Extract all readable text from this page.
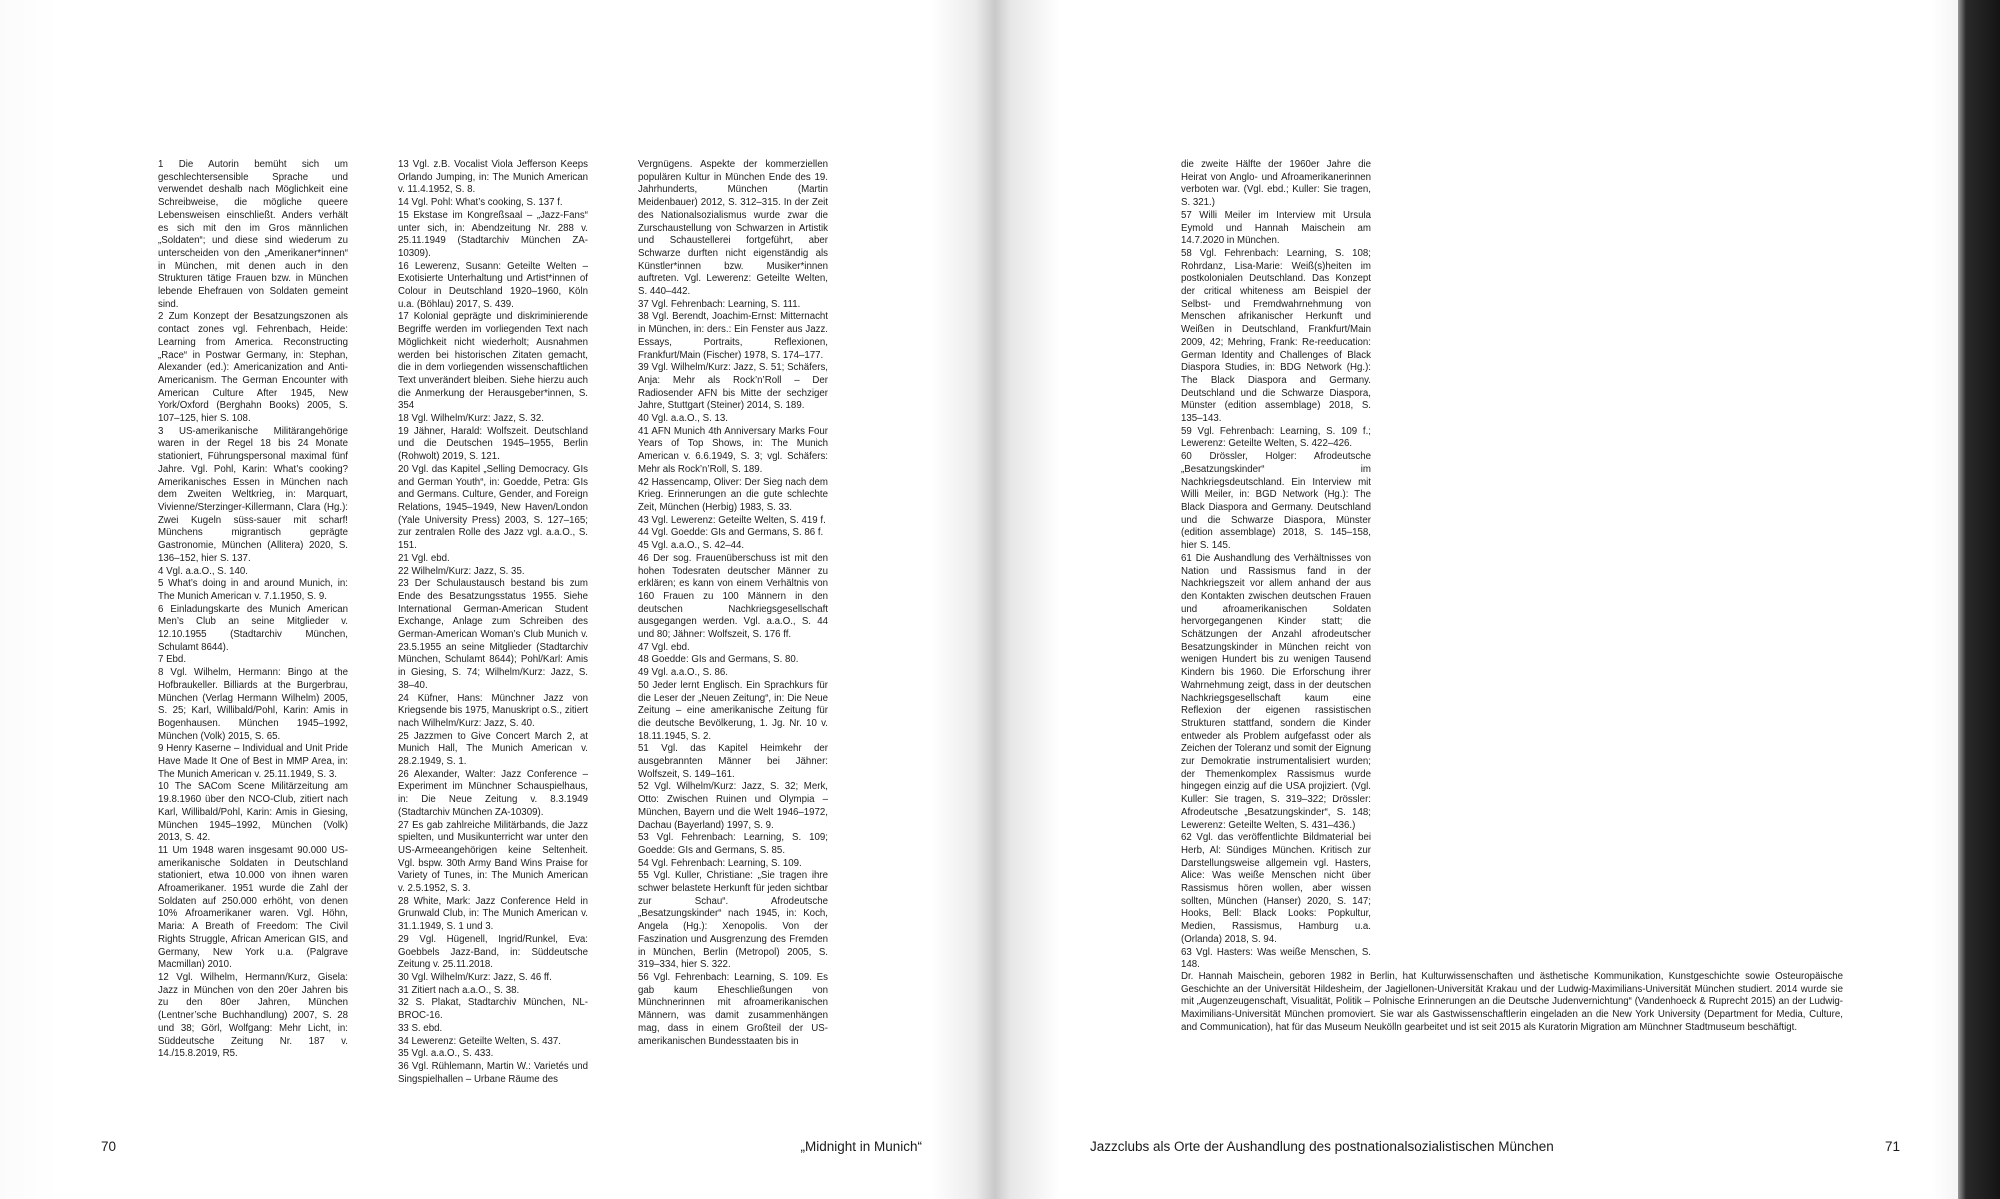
1 Die Autorin bemüht sich um geschlechtersensible Sprache und verwendet deshalb nach Möglichkeit eine Schreibweise, die mögliche queere Lebensweisen einschließt. Anders verhält es sich mit den im Gros männlichen „Soldaten“; und diese sind wiederum zu unterscheiden von den „Amerikaner*innen“ in München, mit denen auch in den Strukturen tätige Frauen bzw. in München lebende Ehefrauen von Soldaten gemeint sind.

2 Zum Konzept der Besatzungszonen als contact zones vgl. Fehrenbach, Heide: Learning from America. Reconstructing „Race“ in Postwar Germany, in: Stephan, Alexander (ed.): Americanization and Anti-Americanism. The German Encounter with American Culture After 1945, New York/Oxford (Berghahn Books) 2005, S. 107–125, hier S. 108.

3 US-amerikanische Militärangehörige waren in der Regel 18 bis 24 Monate stationiert, Führungspersonal maximal fünf Jahre. Vgl. Pohl, Karin: What’s cooking? Amerikanisches Essen in München nach dem Zweiten Weltkrieg, in: Marquart, Vivienne/Sterzinger-Killermann, Clara (Hg.): Zwei Kugeln süss-sauer mit scharf! Münchens migrantisch geprägte Gastronomie, München (Allitera) 2020, S. 136–152, hier S. 137.

4 Vgl. a.a.O., S. 140.

5 What’s doing in and around Munich, in: The Munich American v. 7.1.1950, S. 9.

6 Einladungskarte des Munich American Men’s Club an seine Mitglieder v. 12.10.1955 (Stadtarchiv München, Schulamt 8644).

7 Ebd.

8 Vgl. Wilhelm, Hermann: Bingo at the Hofbraukeller. Billiards at the Burgerbrau, München (Verlag Hermann Wilhelm) 2005, S. 25; Karl, Willibald/Pohl, Karin: Amis in Bogenhausen. München 1945–1992, München (Volk) 2015, S. 65.

9 Henry Kaserne – Individual and Unit Pride Have Made It One of Best in MMP Area, in: The Munich American v. 25.11.1949, S. 3.

10 The SACom Scene Militärzeitung am 19.8.1960 über den NCO-Club, zitiert nach Karl, Willibald/Pohl, Karin: Amis in Giesing, München 1945–1992, München (Volk) 2013, S. 42.

11 Um 1948 waren insgesamt 90.000 US-amerikanische Soldaten in Deutschland stationiert, etwa 10.000 von ihnen waren Afroamerikaner. 1951 wurde die Zahl der Soldaten auf 250.000 erhöht, von denen 10% Afroamerikaner waren. Vgl. Höhn, Maria: A Breath of Freedom: The Civil Rights Struggle, African American GIS, and Germany, New York u.a. (Palgrave Macmillan) 2010.

12 Vgl. Wilhelm, Hermann/Kurz, Gisela: Jazz in München von den 20er Jahren bis zu den 80er Jahren, München (Lentner’sche Buchhandlung) 2007, S. 28 und 38; Görl, Wolfgang: Mehr Licht, in: Süddeutsche Zeitung Nr. 187 v. 14./15.8.2019, R5.

13 Vgl. z.B. Vocalist Viola Jefferson Keeps Orlando Jumping, in: The Munich American v. 11.4.1952, S. 8.

14 Vgl. Pohl: What’s cooking, S. 137 f.

15 Ekstase im Kongreßsaal – „Jazz-Fans“ unter sich, in: Abendzeitung Nr. 288 v. 25.11.1949 (Stadtarchiv München ZA-10309).

16 Lewerenz, Susann: Geteilte Welten – Exotisierte Unterhaltung und Artist*innen of Colour in Deutschland 1920–1960, Köln u.a. (Böhlau) 2017, S. 439.

17 Kolonial geprägte und diskriminierende Begriffe werden im vorliegenden Text nach Möglichkeit nicht wiederholt; Ausnahmen werden bei historischen Zitaten gemacht, die in dem vorliegenden wissenschaftlichen Text unverändert bleiben. Siehe hierzu auch die Anmerkung der Herausgeber*innen, S. 354

18 Vgl. Wilhelm/Kurz: Jazz, S. 32.

19 Jähner, Harald: Wolfszeit. Deutschland und die Deutschen 1945–1955, Berlin (Rohwolt) 2019, S. 121.

20 Vgl. das Kapitel „Selling Democracy. GIs and German Youth“, in: Goedde, Petra: GIs and Germans. Culture, Gender, and Foreign Relations, 1945–1949, New Haven/London (Yale University Press) 2003, S. 127–165; zur zentralen Rolle des Jazz vgl. a.a.O., S. 151.

21 Vgl. ebd.

22 Wilhelm/Kurz: Jazz, S. 35.

23 Der Schulaustausch bestand bis zum Ende des Besatzungsstatus 1955. Siehe International German-American Student Exchange, Anlage zum Schreiben des German-American Woman’s Club Munich v. 23.5.1955 an seine Mitglieder (Stadtarchiv München, Schulamt 8644); Pohl/Karl: Amis in Giesing, S. 74; Wilhelm/Kurz: Jazz, S. 38–40.

24 Küfner, Hans: Münchner Jazz von Kriegsende bis 1975, Manuskript o.S., zitiert nach Wilhelm/Kurz: Jazz, S. 40.

25 Jazzmen to Give Concert March 2, at Munich Hall, The Munich American v. 28.2.1949, S. 1.

26 Alexander, Walter: Jazz Conference – Experiment im Münchner Schauspielhaus, in: Die Neue Zeitung v. 8.3.1949 (Stadtarchiv München ZA-10309).

27 Es gab zahlreiche Militärbands, die Jazz spielten, und Musikunterricht war unter den US-Armeeangehörigen keine Seltenheit. Vgl. bspw. 30th Army Band Wins Praise for Variety of Tunes, in: The Munich American v. 2.5.1952, S. 3.

28 White, Mark: Jazz Conference Held in Grunwald Club, in: The Munich American v. 31.1.1949, S. 1 und 3.

29 Vgl. Hügenell, Ingrid/Runkel, Eva: Goebbels Jazz-Band, in: Süddeutsche Zeitung v. 25.11.2018.

30 Vgl. Wilhelm/Kurz: Jazz, S. 46 ff.

31 Zitiert nach a.a.O., S. 38.

32 S. Plakat, Stadtarchiv München, NL-BROC-16.

33 S. ebd.

34 Lewerenz: Geteilte Welten, S. 437.

35 Vgl. a.a.O., S. 433.

36 Vgl. Rühlemann, Martin W.: Varietés und Singspielhallen – Urbane Räume des

Vergnügens. Aspekte der kommerziellen populären Kultur in München Ende des 19. Jahrhunderts, München (Martin Meidenbauer) 2012, S. 312–315. In der Zeit des Nationalsozialismus wurde zwar die Zurschaustellung von Schwarzen in Artistik und Schaustellerei fortgeführt, aber Schwarze durften nicht eigenständig als Künstler*innen bzw. Musiker*innen auftreten. Vgl. Lewerenz: Geteilte Welten, S. 440–442.

37 Vgl. Fehrenbach: Learning, S. 111.

38 Vgl. Berendt, Joachim-Ernst: Mitternacht in München, in: ders.: Ein Fenster aus Jazz. Essays, Portraits, Reflexionen, Frankfurt/Main (Fischer) 1978, S. 174–177.

39 Vgl. Wilhelm/Kurz: Jazz, S. 51; Schäfers, Anja: Mehr als Rock’n’Roll – Der Radiosender AFN bis Mitte der sechziger Jahre, Stuttgart (Steiner) 2014, S. 189.

40 Vgl. a.a.O., S. 13.

41 AFN Munich 4th Anniversary Marks Four Years of Top Shows, in: The Munich American v. 6.6.1949, S. 3; vgl. Schäfers: Mehr als Rock’n’Roll, S. 189.

42 Hassencamp, Oliver: Der Sieg nach dem Krieg. Erinnerungen an die gute schlechte Zeit, München (Herbig) 1983, S. 33.

43 Vgl. Lewerenz: Geteilte Welten, S. 419 f.

44 Vgl. Goedde: GIs and Germans, S. 86 f.

45 Vgl. a.a.O., S. 42–44.

46 Der sog. Frauenüberschuss ist mit den hohen Todesraten deutscher Männer zu erklären; es kann von einem Verhältnis von 160 Frauen zu 100 Männern in den deutschen Nachkriegsgesellschaft ausgegangen werden. Vgl. a.a.O., S. 44 und 80; Jähner: Wolfszeit, S. 176 ff.

47 Vgl. ebd.

48 Goedde: GIs and Germans, S. 80.

49 Vgl. a.a.O., S. 86.

50 Jeder lernt Englisch. Ein Sprachkurs für die Leser der „Neuen Zeitung“, in: Die Neue Zeitung – eine amerikanische Zeitung für die deutsche Bevölkerung, 1. Jg. Nr. 10 v. 18.11.1945, S. 2.

51 Vgl. das Kapitel Heimkehr der ausgebrannten Männer bei Jähner: Wolfszeit, S. 149–161.

52 Vgl. Wilhelm/Kurz: Jazz, S. 32; Merk, Otto: Zwischen Ruinen und Olympia – München, Bayern und die Welt 1946–1972, Dachau (Bayerland) 1997, S. 9.

53 Vgl. Fehrenbach: Learning, S. 109; Goedde: GIs and Germans, S. 85.

54 Vgl. Fehrenbach: Learning, S. 109.

55 Vgl. Kuller, Christiane: „Sie tragen ihre schwer belastete Herkunft für jeden sichtbar zur Schau“. Afrodeutsche „Besatzungskinder“ nach 1945, in: Koch, Angela (Hg.): Xenopolis. Von der Faszination und Ausgrenzung des Fremden in München, Berlin (Metropol) 2005, S. 319–334, hier S. 322.

56 Vgl. Fehrenbach: Learning, S. 109. Es gab kaum Eheschließungen von Münchnerinnen mit afroamerikanischen Männern, was damit zusammenhängen mag, dass in einem Großteil der US-amerikanischen Bundesstaaten bis in

die zweite Hälfte der 1960er Jahre die Heirat von Anglo- und Afroamerikanerinnen verboten war. (Vgl. ebd.; Kuller: Sie tragen, S. 321.)

57 Willi Meiler im Interview mit Ursula Eymold und Hannah Maischein am 14.7.2020 in München.

58 Vgl. Fehrenbach: Learning, S. 108; Rohrdanz, Lisa-Marie: Weiß(s)heiten im postkolonialen Deutschland. Das Konzept der critical whiteness am Beispiel der Selbst- und Fremdwahrnehmung von Menschen afrikanischer Herkunft und Weißen in Deutschland, Frankfurt/Main 2009, 42; Mehring, Frank: Re-reeducation: German Identity and Challenges of Black Diaspora Studies, in: BDG Network (Hg.): The Black Diaspora and Germany. Deutschland und die Schwarze Diaspora, Münster (edition assemblage) 2018, S. 135–143.

59 Vgl. Fehrenbach: Learning, S. 109 f.; Lewerenz: Geteilte Welten, S. 422–426.

60 Drössler, Holger: Afrodeutsche „Besatzungskinder“ im Nachkriegsdeutschland. Ein Interview mit Willi Meiler, in: BGD Network (Hg.): The Black Diaspora and Germany. Deutschland und die Schwarze Diaspora, Münster (edition assemblage) 2018, S. 145–158, hier S. 145.

61 Die Aushandlung des Verhältnisses von Nation und Rassismus fand in der Nachkriegszeit vor allem anhand der aus den Kontakten zwischen deutschen Frauen und afroamerikanischen Soldaten hervorgegangenen Kinder statt; die Schätzungen der Anzahl afrodeutscher Besatzungskinder in München reicht von wenigen Hundert bis zu wenigen Tausend Kindern bis 1960. Die Erforschung ihrer Wahrnehmung zeigt, dass in der deutschen Nachkriegsgesellschaft kaum eine Reflexion der eigenen rassistischen Strukturen stattfand, sondern die Kinder entweder als Problem aufgefasst oder als Zeichen der Toleranz und somit der Eignung zur Demokratie instrumentalisiert wurden; der Themenkomplex Rassismus wurde hingegen einzig auf die USA projiziert. (Vgl. Kuller: Sie tragen, S. 319–322; Drössler: Afrodeutsche „Besatzungskinder“, S. 148; Lewerenz: Geteilte Welten, S. 431–436.)

62 Vgl. das veröffentlichte Bildmaterial bei Herb, Al: Sündiges München. Kritisch zur Darstellungsweise allgemein vgl. Hasters, Alice: Was weiße Menschen nicht über Rassismus hören wollen, aber wissen sollten, München (Hanser) 2020, S. 147; Hooks, Bell: Black Looks: Popkultur, Medien, Rassismus, Hamburg u.a. (Orlanda) 2018, S. 94.

63 Vgl. Hasters: Was weiße Menschen, S. 148.

Dr. Hannah Maischein, geboren 1982 in Berlin, hat Kulturwissenschaften und ästhetische Kommunikation, Kunstgeschichte sowie Osteuropäische Geschichte an der Universität Hildesheim, der Jagiellonen-Universität Krakau und der Ludwig-Maximilians-Universität München studiert. 2014 wurde sie mit „Augenzeugenschaft, Visualität, Politik – Polnische Erinnerungen an die Deutsche Judenvernichtung“ (Vandenhoeck & Ruprecht 2015) an der Ludwig-Maximilians-Universität München promoviert. Sie war als Gastwissenschaftlerin eingeladen an die New York University (Department for Media, Culture, and Communication), hat für das Museum Neukölln gearbeitet und ist seit 2015 als Kuratorin Migration am Münchner Stadtmuseum beschäftigt.
70	„Midnight in Munich“	Jazzclubs als Orte der Aushandlung des postnationalsozialistischen München	71
